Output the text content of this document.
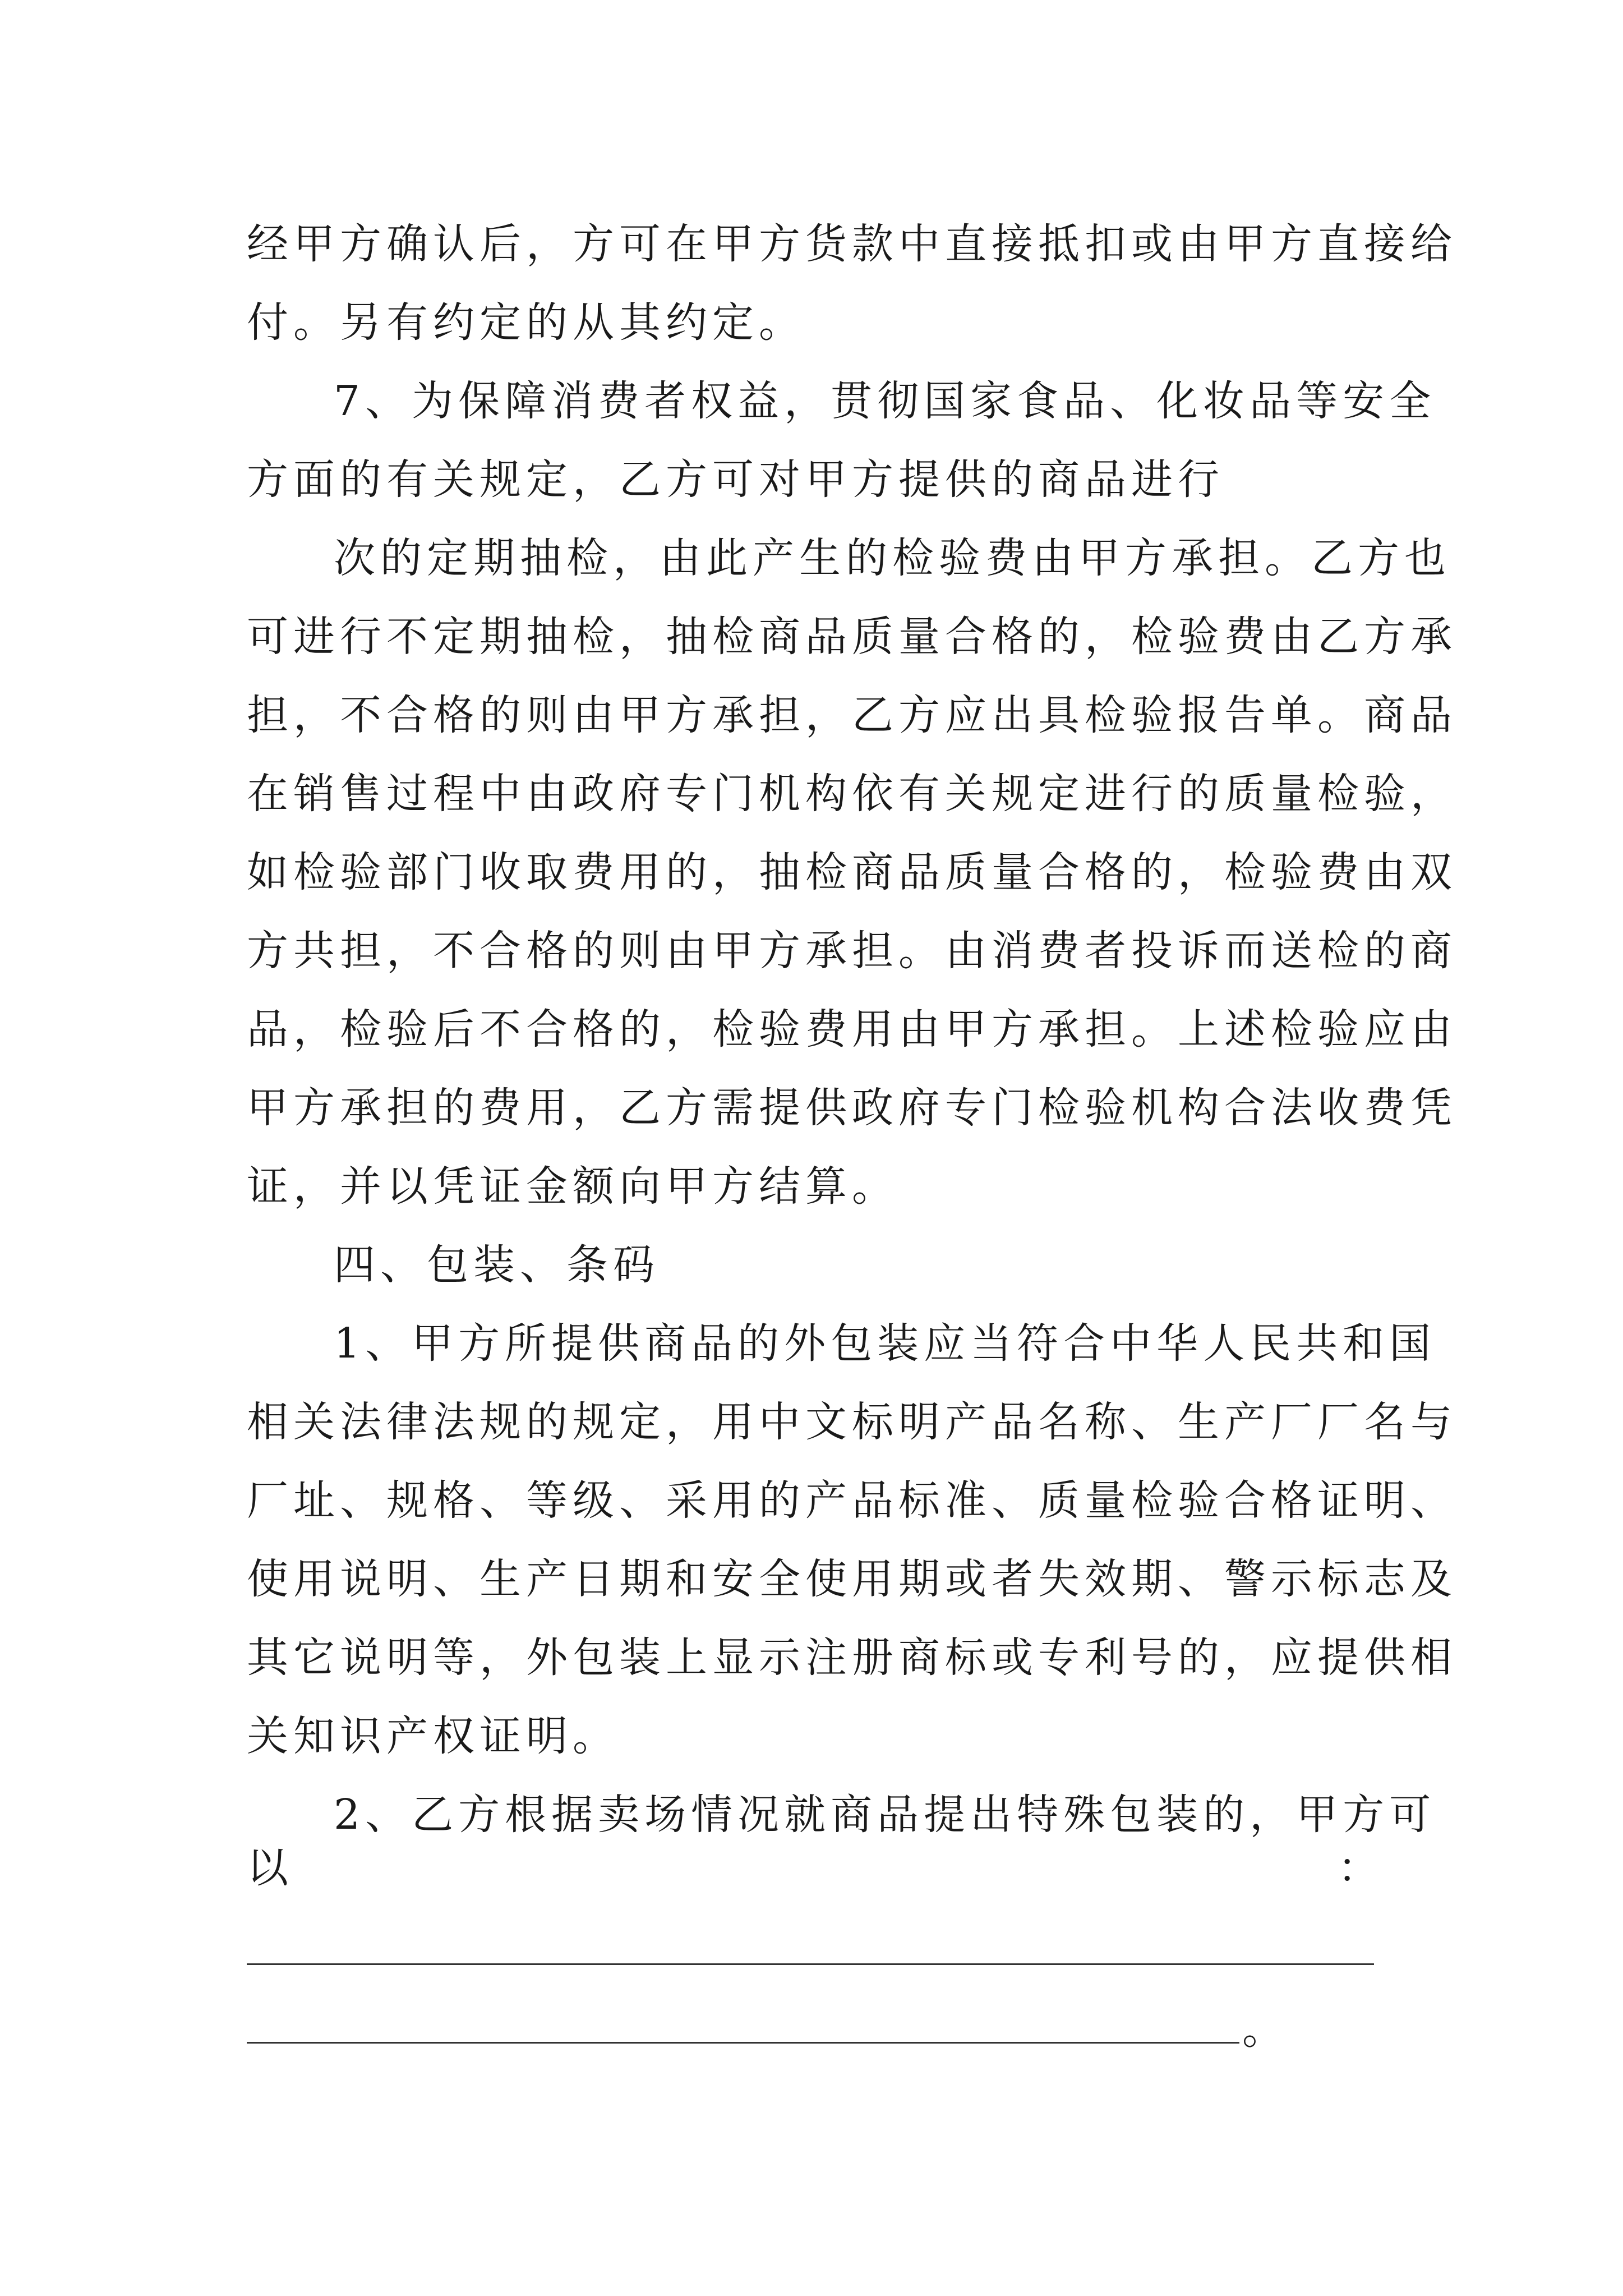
经甲方确认后，方可在甲方货款中直接抵扣或由甲方直接给
付。另有约定的从其约定。
7、为保障消费者权益，贯彻国家食品、化妆品等安全
方面的有关规定，乙方可对甲方提供的商品进行
次的定期抽检，由此产生的检验费由甲方承担。乙方也
可进行不定期抽检，抽检商品质量合格的，检验费由乙方承
担，不合格的则由甲方承担，乙方应出具检验报告单。商品
在销售过程中由政府专门机构依有关规定进行的质量检验，
如检验部门收取费用的，抽检商品质量合格的，检验费由双
方共担，不合格的则由甲方承担。由消费者投诉而送检的商
品，检验后不合格的，检验费用由甲方承担。上述检验应由
甲方承担的费用，乙方需提供政府专门检验机构合法收费凭
证，并以凭证金额向甲方结算。
四、包装、条码
1、甲方所提供商品的外包装应当符合中华人民共和国
相关法律法规的规定，用中文标明产品名称、生产厂厂名与
厂址、规格、等级、采用的产品标准、质量检验合格证明、
使用说明、生产日期和安全使用期或者失效期、警示标志及
其它说明等，外包装上显示注册商标或专利号的，应提供相
关知识产权证明。
2、乙方根据卖场情况就商品提出特殊包装的，甲方可
以	：
。
